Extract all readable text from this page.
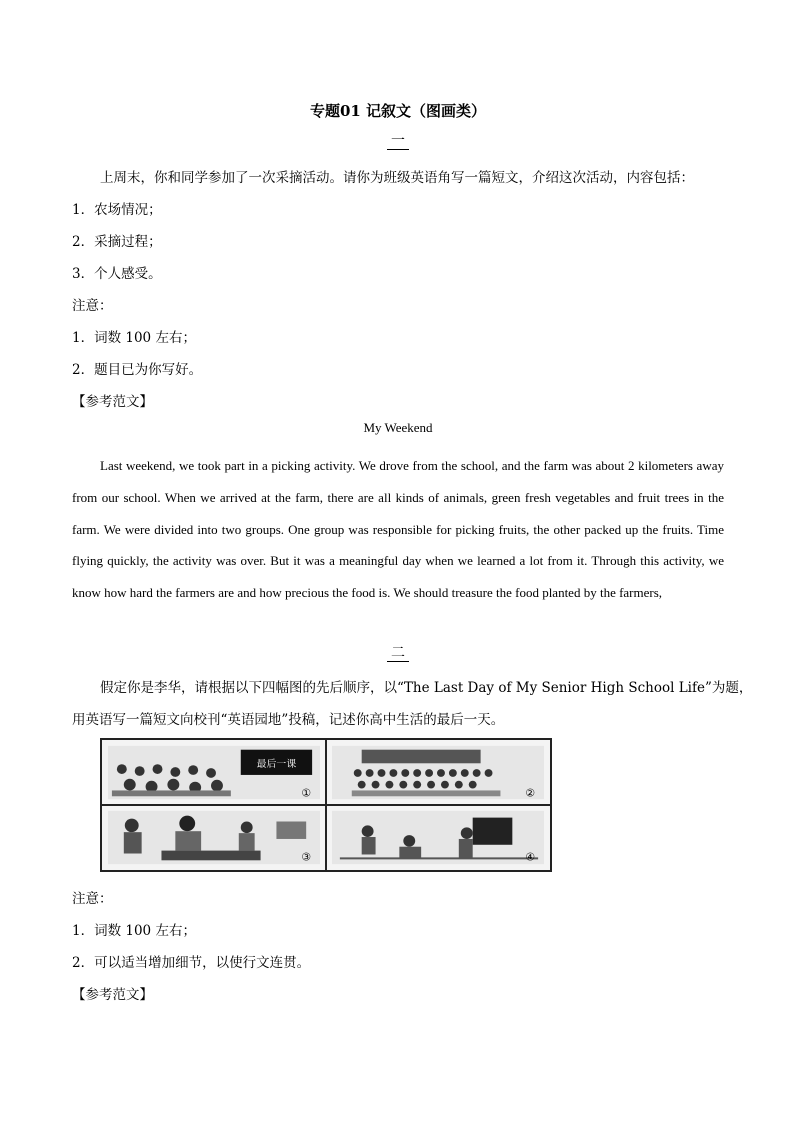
专题01 记叙文（图画类）
一
上周末，你和同学参加了一次采摘活动。请你为班级英语角写一篇短文，介绍这次活动，内容包括：
1．农场情况；
2．采摘过程；
3．个人感受。
注意：
1．词数 100 左右；
2．题目已为你写好。
【参考范文】
My Weekend

Last weekend, we took part in a picking activity. We drove from the school, and the farm was about 2 kilometers away from our school. When we arrived at the farm, there are all kinds of animals, green fresh vegetables and fruit trees in the farm. We were divided into two groups. One group was responsible for picking fruits, the other packed up the fruits. Time flying quickly, the activity was over. But it was a meaningful day when we learned a lot from it. Through this activity, we know how hard the farmers are and how precious the food is. We should treasure the food planted by the farmers,

二
假定你是李华，请根据以下四幅图的先后顺序，以“The Last Day of My Senior High School Life”为题，
用英语写一篇短文向校刊“英语园地”投稿，记述你高中生活的最后一天。
最后一课
①	②
③	④
注意：
1．词数 100 左右；
2．可以适当增加细节，以使行文连贯。
【参考范文】
